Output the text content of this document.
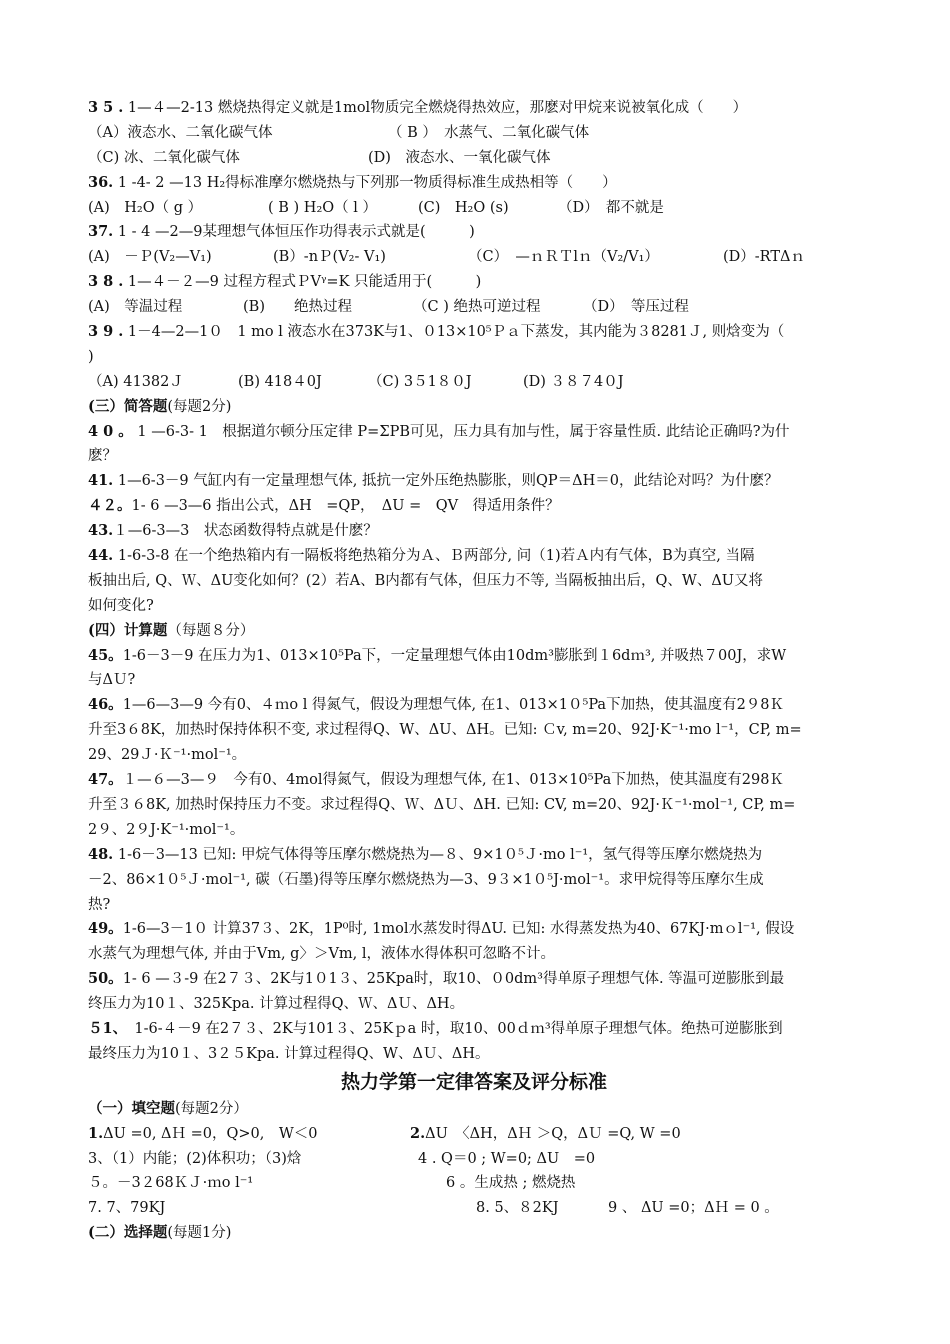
3 5 . 1—４—2-13 燃烧热得定义就是1mol物质完全燃烧得热效应，那麽对甲烷来说被氧化成（　　）
（A）液态水、二氧化碳气体	（ B ）　水蒸气、二氧化碳气体
（C) 冰、二氧化碳气体	(D)　液态水、一氧化碳气体
36. 1 -4- 2 —13 H₂得标准摩尔燃烧热与下列那一物质得标准生成热相等（　　）
(A)　H₂O（ g ）	( B ) H₂O（ l ）	(C)　H₂O (s)	（D）　都不就是
37. 1 - 4 —2—9某理想气体恒压作功得表示式就是(　　　)
(A)　－Ｐ(V₂—V₁)	(B）-nＰ(V₂- V₁)	（C）　—ｎＲＴlｎ（V₂/V₁）	(D）-RTΔｎ
3 8 . 1—４－２—9 过程方程式ＰVᵞ=K 只能适用于(　　　)
(A)　等温过程	(B)　　绝热过程	（C ) 绝热可逆过程	（D）　等压过程
3 9 . 1－4—2—1０　1 mo l 液态水在373K与1、０13×10⁵Ｐａ下蒸发，其内能为３8281Ｊ, 则焓变为（
)
（A) 41382Ｊ	(B) 418４0J	（C) 3５1８０J	(D) ３８７4０J
(三）简答题(每题2分)
4 0 。 1 —6-3- 1　根据道尔顿分压定律 P=ΣPB可见，压力具有加与性，属于容量性质. 此结论正确吗?为什
麽？
41. 1—6-3－9 气缸内有一定量理想气体, 抵抗一定外压绝热膨胀，则QP＝ΔH＝0，此结论对吗？为什麽？
４２。1- 6 —3—6 指出公式，ΔH　=QP，　ΔU =　QV　得适用条件？
43.１—6-3—3　状态函数得特点就是什麽？
44. 1-6-3-8 在一个绝热箱内有一隔板将绝热箱分为Ａ、Ｂ两部分, 问（1)若Ａ内有气体，B为真空, 当隔
板抽出后, Q、Ｗ、ΔU变化如何？(2）若A、B内都有气体，但压力不等, 当隔板抽出后，Q、W、ΔU又将
如何变化?
(四）计算题（每题８分）
45。1-6－3－9 在压力为1、013×10⁵Pa下，一定量理想气体由10dm³膨胀到１6dｍ³, 并吸热７00J，求W
与ΔＵ?
46。1—6—3—9 今有0、４ｍo l 得氮气，假设为理想气体, 在1、013×1０⁵Pa下加热，使其温度有2９8Ｋ
升至3６8K，加热时保持体积不变, 求过程得Q、W、ΔU、ΔH。已知: Ｃv, m=20、92J·K⁻¹·mo l⁻¹，CP, m=
29、29Ｊ·Ｋ⁻¹·mol⁻¹。
47。１—６—3—９　今有0、4mol得氮气，假设为理想气体, 在1、013×10⁵Pa下加热，使其温度有298Ｋ
升至３６8K, 加热时保持压力不变。求过程得Q、Ｗ、ΔＵ、ΔH. 已知: CV, m=20、92J·Ｋ⁻¹·mol⁻¹, CP, m=
2９、2９J·K⁻¹·mol⁻¹。
48. 1-6－3—13 已知: 甲烷气体得等压摩尔燃烧热为—８、9×1０⁵Ｊ·mo l⁻¹，氢气得等压摩尔燃烧热为
－2、86×1０⁵Ｊ·mol⁻¹, 碳（石墨)得等压摩尔燃烧热为—3、9３×1０⁵J·mol⁻¹。求甲烷得等压摩尔生成
热?
49。1-6—3－1０ 计算37３、2K，1P⁰时, 1mol水蒸发时得ΔU. 已知: 水得蒸发热为40、67KJ·mｏl⁻¹, 假设
水蒸气为理想气体, 并由于Vm, g〉＞Vm, l，液体水得体积可忽略不计。
50。1- 6 —３-9 在2７３、2K与1０1３、25Kpa时，取10、０0dm³得单原子理想气体. 等温可逆膨胀到最
终压力为10１、325Kpa. 计算过程得Q、Ｗ、ΔＵ、ΔH。
５1、　1-6-４－9 在2７３、2K与101３、25Kｐa 时，取10、00ｄｍ³得单原子理想气体。绝热可逆膨胀到
最终压力为10１、3２５Kpa. 计算过程得Q、W、ΔＵ、ΔH。
热力学第一定律答案及评分标准
（一）填空题(每题2分）
1.ΔU =0, ΔＨ =0，Q>0,　W＜0	2.ΔU　〈ΔH，ΔＨ ＞Q，ΔＵ =Q, W =0
3、（1）内能；(2)体积功；（3)焓	4 . Q＝0 ; W=0; ΔU　=0
５。－3２68ＫＪ·ｍo l⁻¹	6 。生成热 ; 燃烧热
7. 7、79KJ	8. 5、８2KJ	9 、 ΔU =0；ΔＨ = 0 。
(二）选择题(每题1分)
